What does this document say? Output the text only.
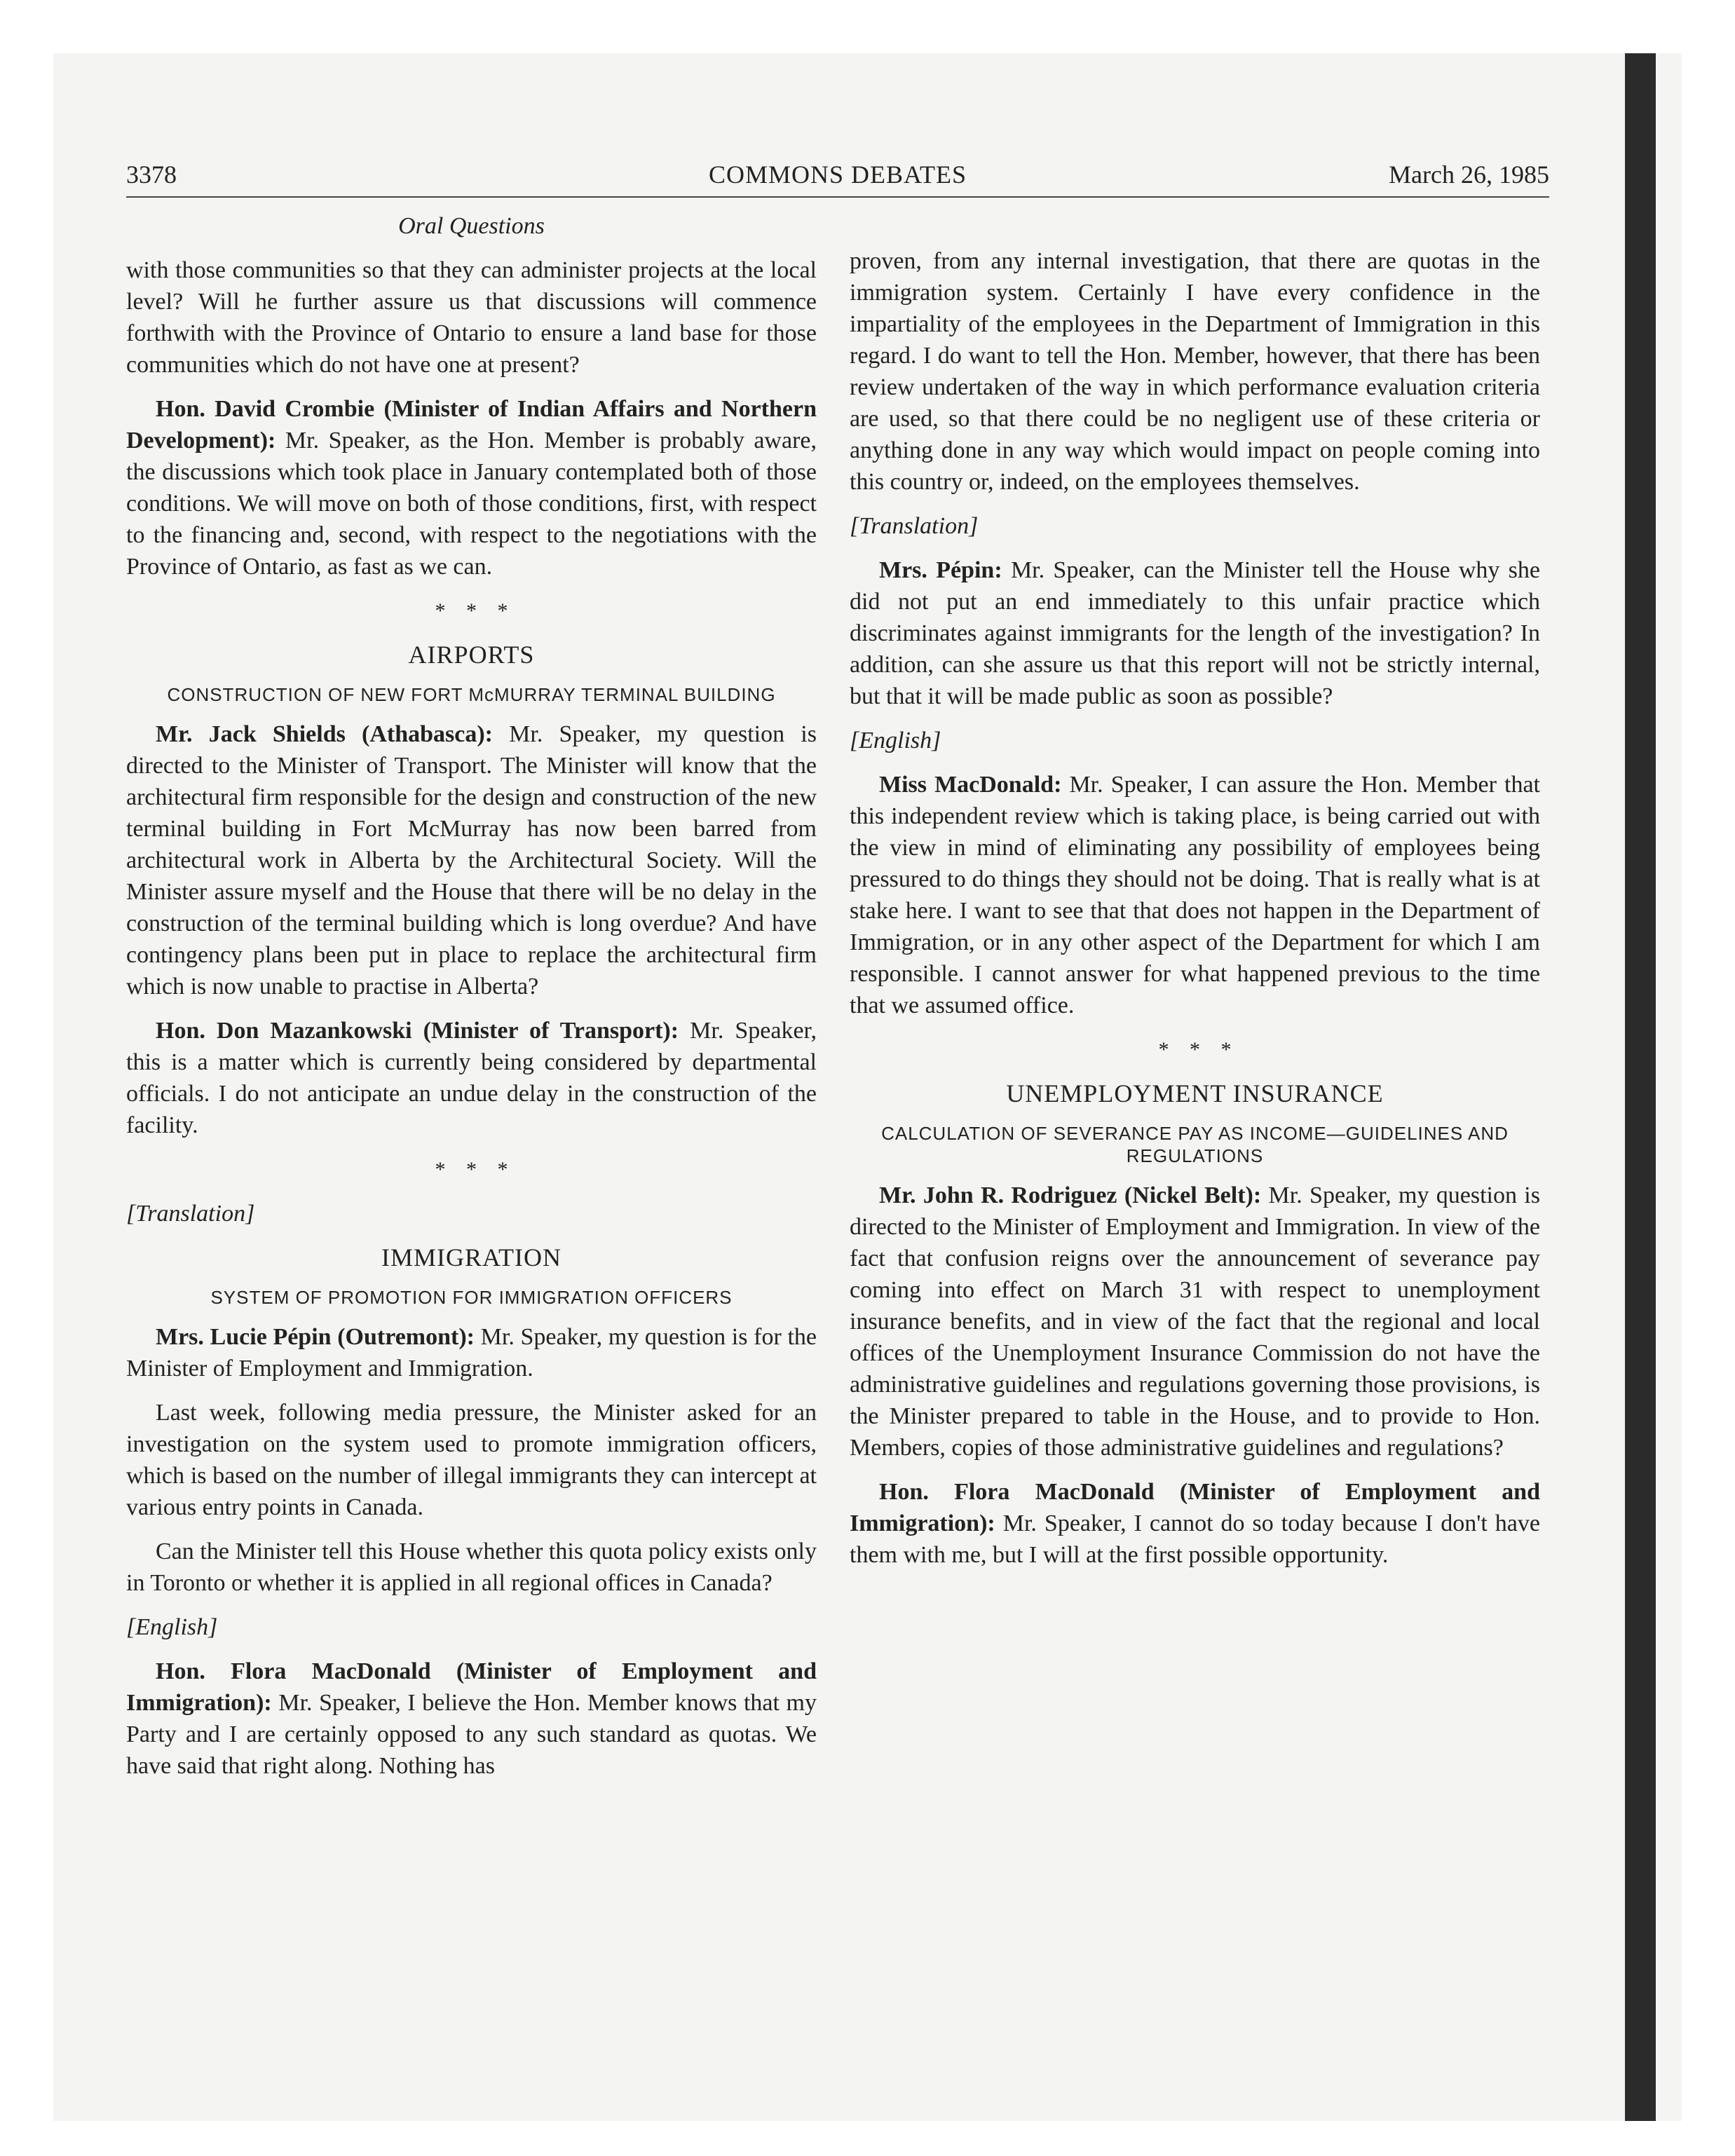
3378	COMMONS DEBATES	March 26, 1985

Oral Questions

with those communities so that they can administer projects at the local level? Will he further assure us that discussions will commence forthwith with the Province of Ontario to ensure a land base for those communities which do not have one at present?

Hon. David Crombie (Minister of Indian Affairs and Northern Development): Mr. Speaker, as the Hon. Member is probably aware, the discussions which took place in January contemplated both of those conditions. We will move on both of those conditions, first, with respect to the financing and, second, with respect to the negotiations with the Province of Ontario, as fast as we can.

* * *

AIRPORTS

CONSTRUCTION OF NEW FORT McMURRAY TERMINAL BUILDING

Mr. Jack Shields (Athabasca): Mr. Speaker, my question is directed to the Minister of Transport. The Minister will know that the architectural firm responsible for the design and construction of the new terminal building in Fort McMurray has now been barred from architectural work in Alberta by the Architectural Society. Will the Minister assure myself and the House that there will be no delay in the construction of the terminal building which is long overdue? And have contingency plans been put in place to replace the architectural firm which is now unable to practise in Alberta?

Hon. Don Mazankowski (Minister of Transport): Mr. Speaker, this is a matter which is currently being considered by departmental officials. I do not anticipate an undue delay in the construction of the facility.

* * *

[Translation]

IMMIGRATION

SYSTEM OF PROMOTION FOR IMMIGRATION OFFICERS

Mrs. Lucie Pépin (Outremont): Mr. Speaker, my question is for the Minister of Employment and Immigration.

Last week, following media pressure, the Minister asked for an investigation on the system used to promote immigration officers, which is based on the number of illegal immigrants they can intercept at various entry points in Canada.

Can the Minister tell this House whether this quota policy exists only in Toronto or whether it is applied in all regional offices in Canada?

[English]

Hon. Flora MacDonald (Minister of Employment and Immigration): Mr. Speaker, I believe the Hon. Member knows that my Party and I are certainly opposed to any such standard as quotas. We have said that right along. Nothing has

proven, from any internal investigation, that there are quotas in the immigration system. Certainly I have every confidence in the impartiality of the employees in the Department of Immigration in this regard. I do want to tell the Hon. Member, however, that there has been review undertaken of the way in which performance evaluation criteria are used, so that there could be no negligent use of these criteria or anything done in any way which would impact on people coming into this country or, indeed, on the employees themselves.

[Translation]

Mrs. Pépin: Mr. Speaker, can the Minister tell the House why she did not put an end immediately to this unfair practice which discriminates against immigrants for the length of the investigation? In addition, can she assure us that this report will not be strictly internal, but that it will be made public as soon as possible?

[English]

Miss MacDonald: Mr. Speaker, I can assure the Hon. Member that this independent review which is taking place, is being carried out with the view in mind of eliminating any possibility of employees being pressured to do things they should not be doing. That is really what is at stake here. I want to see that that does not happen in the Department of Immigration, or in any other aspect of the Department for which I am responsible. I cannot answer for what happened previous to the time that we assumed office.

* * *

UNEMPLOYMENT INSURANCE

CALCULATION OF SEVERANCE PAY AS INCOME—GUIDELINES AND REGULATIONS

Mr. John R. Rodriguez (Nickel Belt): Mr. Speaker, my question is directed to the Minister of Employment and Immigration. In view of the fact that confusion reigns over the announcement of severance pay coming into effect on March 31 with respect to unemployment insurance benefits, and in view of the fact that the regional and local offices of the Unemployment Insurance Commission do not have the administrative guidelines and regulations governing those provisions, is the Minister prepared to table in the House, and to provide to Hon. Members, copies of those administrative guidelines and regulations?

Hon. Flora MacDonald (Minister of Employment and Immigration): Mr. Speaker, I cannot do so today because I don't have them with me, but I will at the first possible opportunity.
